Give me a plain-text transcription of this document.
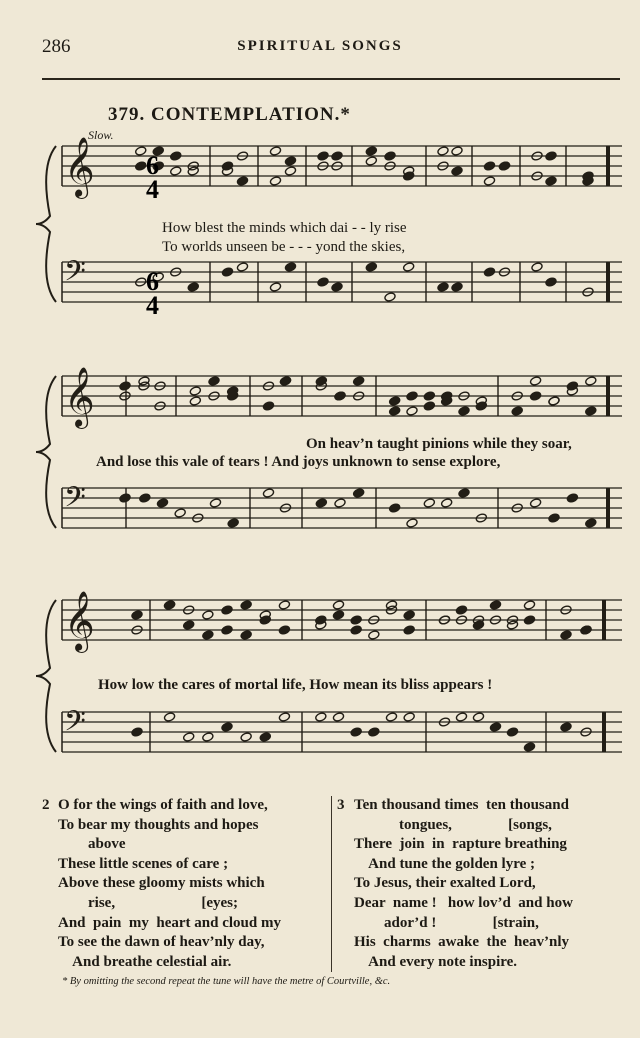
286	SPIRITUAL SONGS
379. CONTEMPLATION.*
Slow.
𝄞
𝄢
𝄞
𝄢
𝄞
𝄢
6
4
6
4
How blest the minds which dai - - ly rise
To worlds unseen be - - - yond the skies,
On heav’n taught pinions while they soar,
And lose this vale of tears ! And joys unknown to sense explore,
How low the cares of mortal life, How mean its bliss appears !
2 O for the wings of faith and love,
To bear my thoughts and hopes
above
These little scenes of care ;
Above these gloomy mists which
rise,                       [eyes;
And  pain  my  heart and cloud my
To see the dawn of heav’nly day,
And breathe celestial air.
3 Ten thousand times  ten thousand
tongues,               [songs,
There  join  in  rapture breathing
And tune the golden lyre ;
To Jesus, their exalted Lord,
Dear  name !   how lov’d  and how
ador’d !               [strain,
His  charms  awake  the  heav’nly
And every note inspire.
* By omitting the second repeat the tune will have the metre of Courtville, &c.
